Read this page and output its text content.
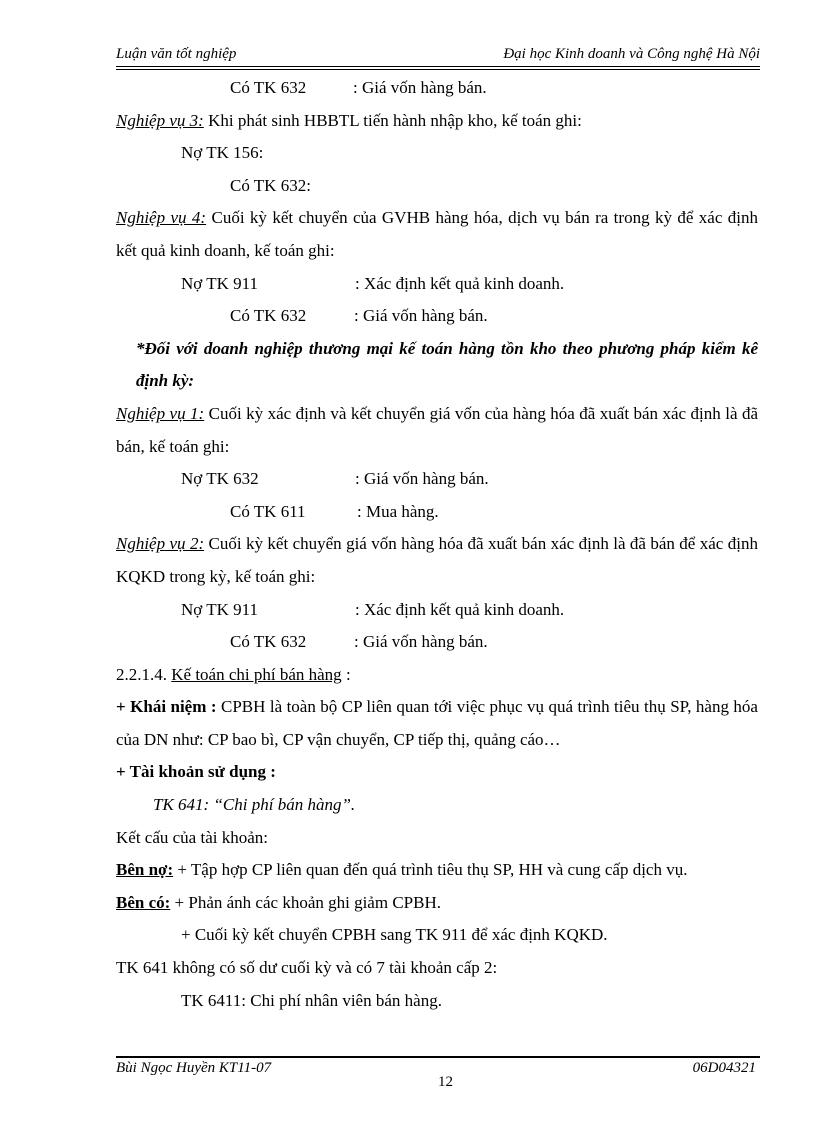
Luận văn tốt nghiệp	Đại học Kinh doanh và Công nghệ Hà Nội
Có TK 632	: Giá vốn hàng bán.
Nghiệp vụ 3: Khi phát sinh HBBTL tiến hành nhập kho, kế toán ghi:
Nợ TK 156:
Có TK 632:
Nghiệp vụ 4: Cuối kỳ kết chuyển của GVHB hàng hóa, dịch vụ bán ra trong kỳ để xác định kết quả kinh doanh, kế toán ghi:
Nợ TK 911	: Xác định kết quả kinh doanh.
Có TK 632	: Giá vốn hàng bán.
*Đối với doanh nghiệp thương mại kế toán hàng tồn kho theo phương pháp kiểm kê định kỳ:
Nghiệp vụ 1: Cuối kỳ xác định và kết chuyển giá vốn của hàng hóa đã xuất bán xác định là đã bán, kế toán ghi:
Nợ TK 632	: Giá vốn hàng bán.
Có TK 611	: Mua hàng.
Nghiệp vụ 2: Cuối kỳ kết chuyển giá vốn hàng hóa đã xuất bán xác định là đã bán để xác định KQKD trong kỳ, kế toán ghi:
Nợ TK 911	: Xác định kết quả kinh doanh.
Có TK 632	: Giá vốn hàng bán.
2.2.1.4. Kế toán chi phí bán hàng :
+ Khái niệm : CPBH là toàn bộ CP liên quan tới việc phục vụ quá trình tiêu thụ SP, hàng hóa của DN như: CP bao bì, CP vận chuyển, CP tiếp thị, quảng cáo…
+ Tài khoản sử dụng :
TK 641: “Chi phí bán hàng”.
Kết cấu của tài khoản:
Bên nợ: + Tập hợp CP liên quan đến quá trình tiêu thụ SP, HH và cung cấp dịch vụ.
Bên có: + Phản ánh các khoản ghi giảm CPBH.
+ Cuối kỳ kết chuyển CPBH sang TK 911 để xác định KQKD.
TK 641 không có số dư cuối kỳ và có 7 tài khoản cấp 2:
TK 6411: Chi phí nhân viên bán hàng.
Bùi Ngọc Huyền KT11-07
12
06D04321
